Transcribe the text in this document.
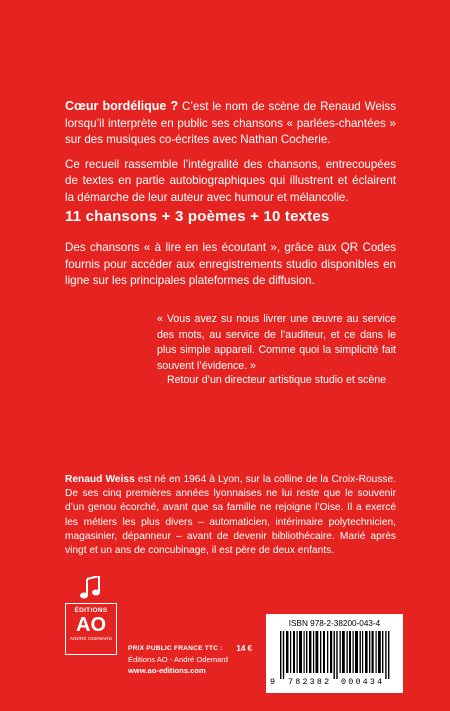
Cœur bordélique ? C’est le nom de scène de Renaud Weiss lorsqu’il interprète en public ses chansons « parlées-chantées » sur des musiques co-écrites avec Nathan Cocherie.

Ce recueil rassemble l’intégralité des chansons, entrecoupées de textes en partie autobiographiques qui illustrent et éclairent la démarche de leur auteur avec humour et mélancolie.

11 chansons + 3 poèmes + 10 textes
Des chansons « à lire en les écoutant », grâce aux QR Codes fournis pour accéder aux enregistrements studio disponibles en ligne sur les principales plateformes de diffusion.
« Vous avez su nous livrer une œuvre au service des mots, au service de l’auditeur, et ce dans le plus simple appareil. Comme quoi la simplicité fait souvent l’évidence. »
Retour d’un directeur artistique studio et scène
Renaud Weiss est né en 1964 à Lyon, sur la colline de la Croix-Rousse. De ses cinq premières années lyonnaises ne lui reste que le souvenir d’un genou écorché, avant que sa famille ne rejoigne l’Oise. Il a exercé les métiers les plus divers – automaticien, intérimaire polytechnicien, magasinier, dépanneur – avant de devenir bibliothécaire. Marié après vingt et un ans de concubinage, il est père de deux enfants.
ÉDITIONS
AO
ANDRÉ ODEMARD
PRIX PUBLIC FRANCE TTC : 14 €
Éditions AO - André Odemard
www.ao-editions.com
ISBN 978-2-38200-043-4
9 782382 000434
